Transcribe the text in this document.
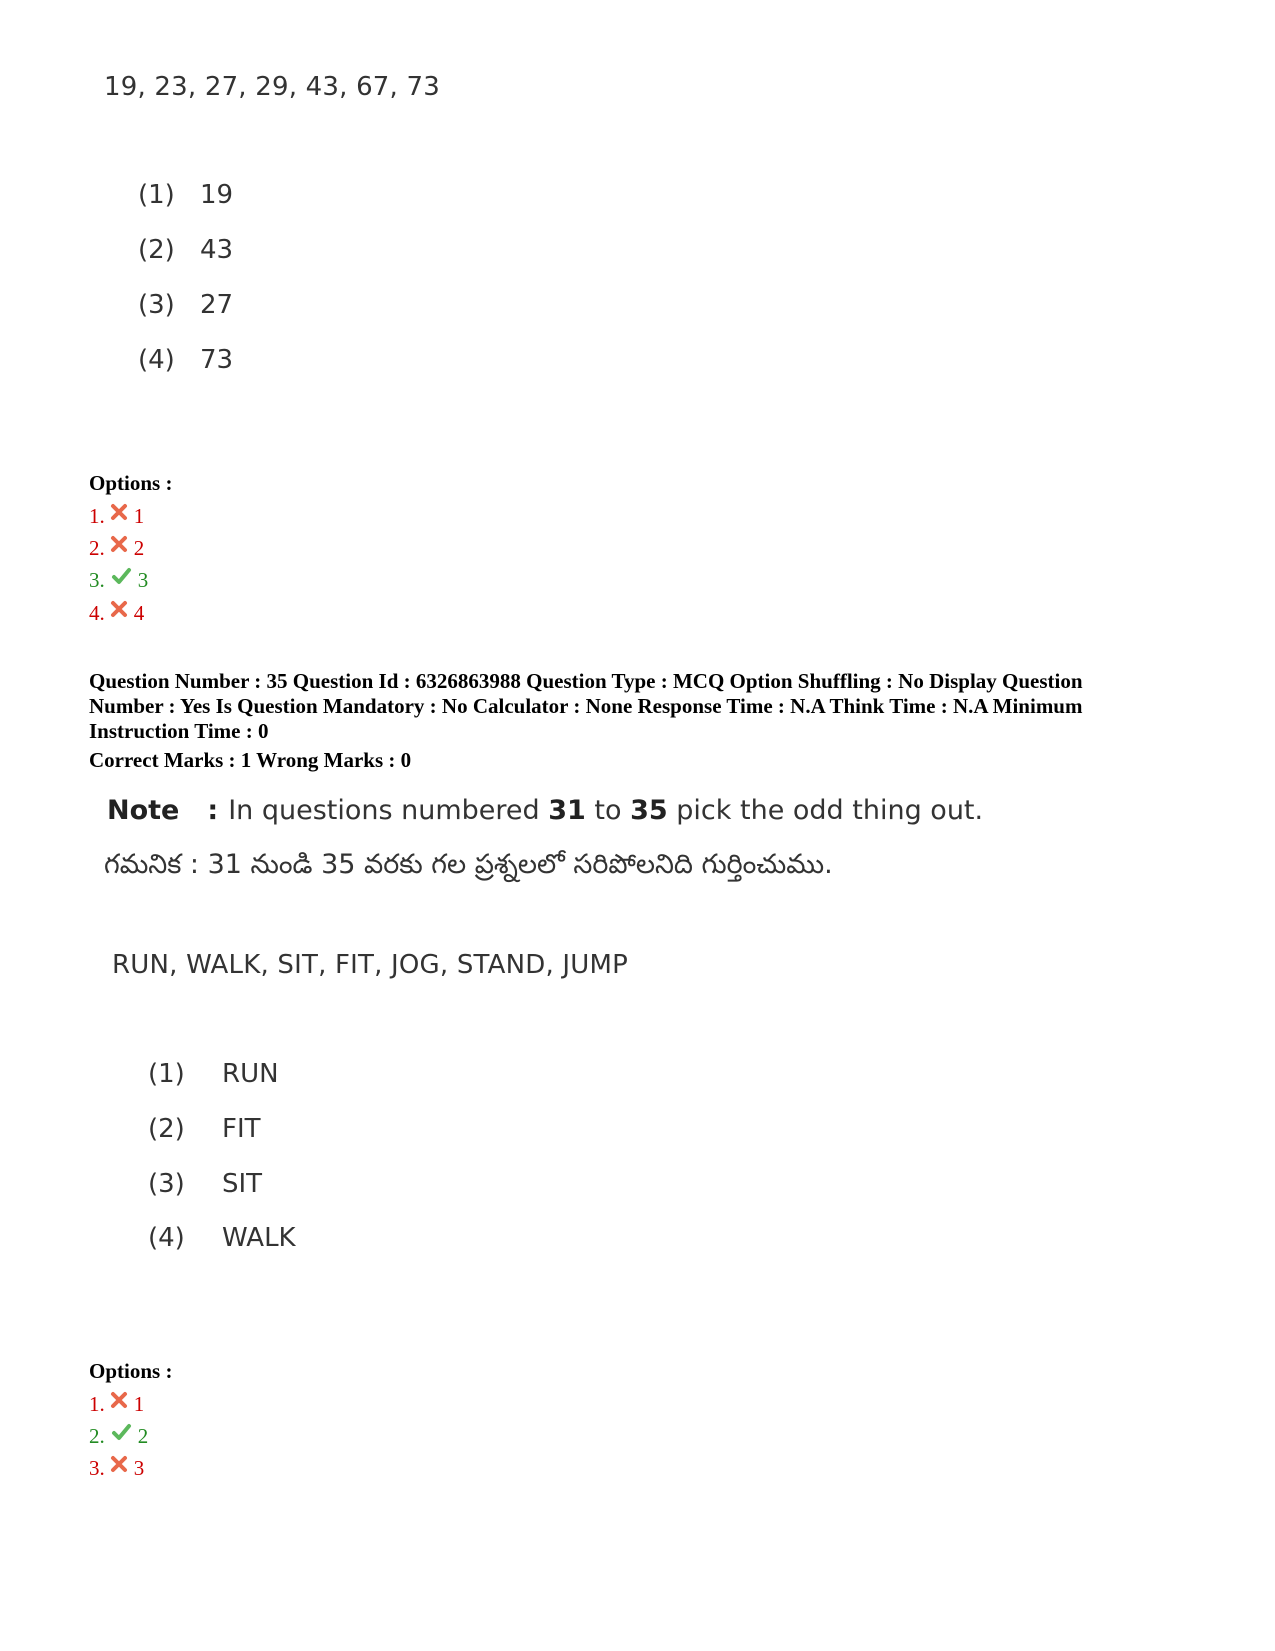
19, 23, 27, 29, 43, 67, 73
(1) 19
(2) 43
(3) 27
(4) 73
Options :
1. 1
2. 2
3. 3
4. 4
Question Number : 35 Question Id : 6326863988 Question Type : MCQ Option Shuffling : No Display Question
Number : Yes Is Question Mandatory : No Calculator : None Response Time : N.A Think Time : N.A Minimum
Instruction Time : 0
Correct Marks : 1 Wrong Marks : 0
Note : In questions numbered 31 to 35 pick the odd thing out.
గమనిక : 31 నుండి 35 వరకు గల ప్రశ్నలలో సరిపోలనిది గుర్తించుము.
RUN, WALK, SIT, FIT, JOG, STAND, JUMP
(1)	RUN
(2)	FIT
(3)	SIT
(4)	WALK
Options :
1. 1
2. 2
3. 3
